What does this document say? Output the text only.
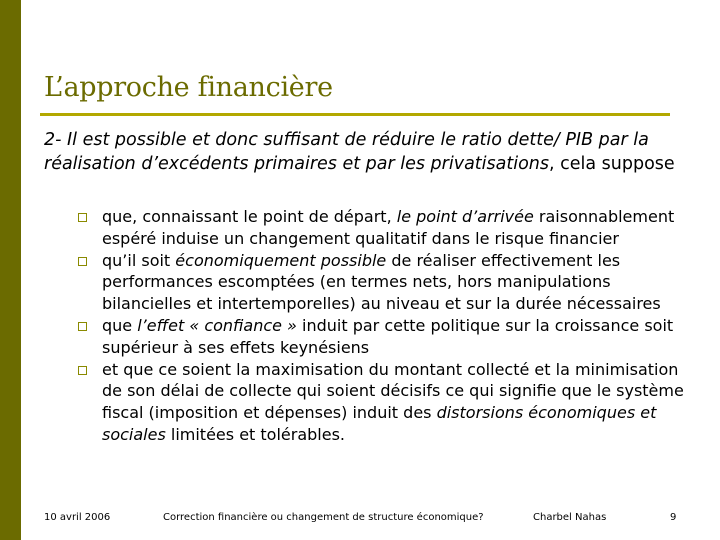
L’approche financière

2- Il est possible et donc suffisant de réduire le ratio dette/ PIB par la réalisation d’excédents primaires et par les privatisations, cela suppose

que, connaissant le point de départ, le point d’arrivée raisonnablement espéré induise un changement qualitatif dans le risque financier
qu’il soit économiquement possible de réaliser effectivement les performances escomptées (en termes nets, hors manipulations bilancielles et intertemporelles) au niveau et sur la durée nécessaires
que l’effet « confiance » induit par cette politique sur la croissance soit supérieur à ses effets keynésiens
et que ce soient la maximisation du montant collecté et la minimisation de son délai de collecte qui soient décisifs ce qui signifie que le système fiscal (imposition et dépenses) induit des distorsions économiques et sociales limitées et tolérables.
10 avril 2006	Correction financière ou changement de structure économique?	Charbel Nahas	9
